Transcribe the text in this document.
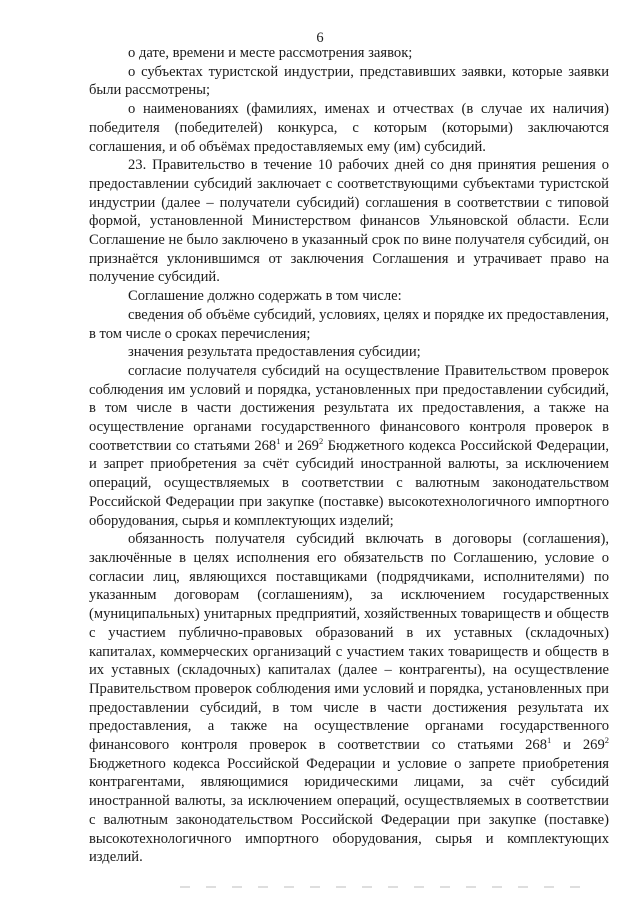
6

о дате, времени и месте рассмотрения заявок;

о субъектах туристской индустрии, представивших заявки, которые заявки были рассмотрены;

о наименованиях (фамилиях, именах и отчествах (в случае их наличия) победителя (победителей) конкурса, с которым (которыми) заключаются соглашения, и об объёмах предоставляемых ему (им) субсидий.

23. Правительство в течение 10 рабочих дней со дня принятия решения о предоставлении субсидий заключает с соответствующими субъектами туристской индустрии (далее – получатели субсидий) соглашения в соответствии с типовой формой, установленной Министерством финансов Ульяновской области. Если Соглашение не было заключено в указанный срок по вине получателя субсидий, он признаётся уклонившимся от заключения Соглашения и утрачивает право на получение субсидий.

Соглашение должно содержать в том числе:

сведения об объёме субсидий, условиях, целях и порядке их предоставления, в том числе о сроках перечисления;

значения результата предоставления субсидии;

согласие получателя субсидий на осуществление Правительством проверок соблюдения им условий и порядка, установленных при предоставлении субсидий, в том числе в части достижения результата их предоставления, а также на осуществление органами государственного финансового контроля проверок в соответствии со статьями $268^1$ и $269^2$ Бюджетного кодекса Российской Федерации, и запрет приобретения за счёт субсидий иностранной валюты, за исключением операций, осуществляемых в соответствии с валютным законодательством Российской Федерации при закупке (поставке) высокотехнологичного импортного оборудования, сырья и комплектующих изделий;

обязанность получателя субсидий включать в договоры (соглашения), заключённые в целях исполнения его обязательств по Соглашению, условие о согласии лиц, являющихся поставщиками (подрядчиками, исполнителями) по указанным договорам (соглашениям), за исключением государственных (муниципальных) унитарных предприятий, хозяйственных товариществ и обществ с участием публично-правовых образований в их уставных (складочных) капиталах, коммерческих организаций с участием таких товариществ и обществ в их уставных (складочных) капиталах (далее – контрагенты), на осуществление Правительством проверок соблюдения ими условий и порядка, установленных при предоставлении субсидий, в том числе в части достижения результата их предоставления, а также на осуществление органами государственного финансового контроля проверок в соответствии со статьями $268^1$ и $269^2$ Бюджетного кодекса Российской Федерации и условие о запрете приобретения контрагентами, являющимися юридическими лицами, за счёт субсидий иностранной валюты, за исключением операций, осуществляемых в соответствии с валютным законодательством Российской Федерации при закупке (поставке) высокотехнологичного импортного оборудования, сырья и комплектующих изделий.
